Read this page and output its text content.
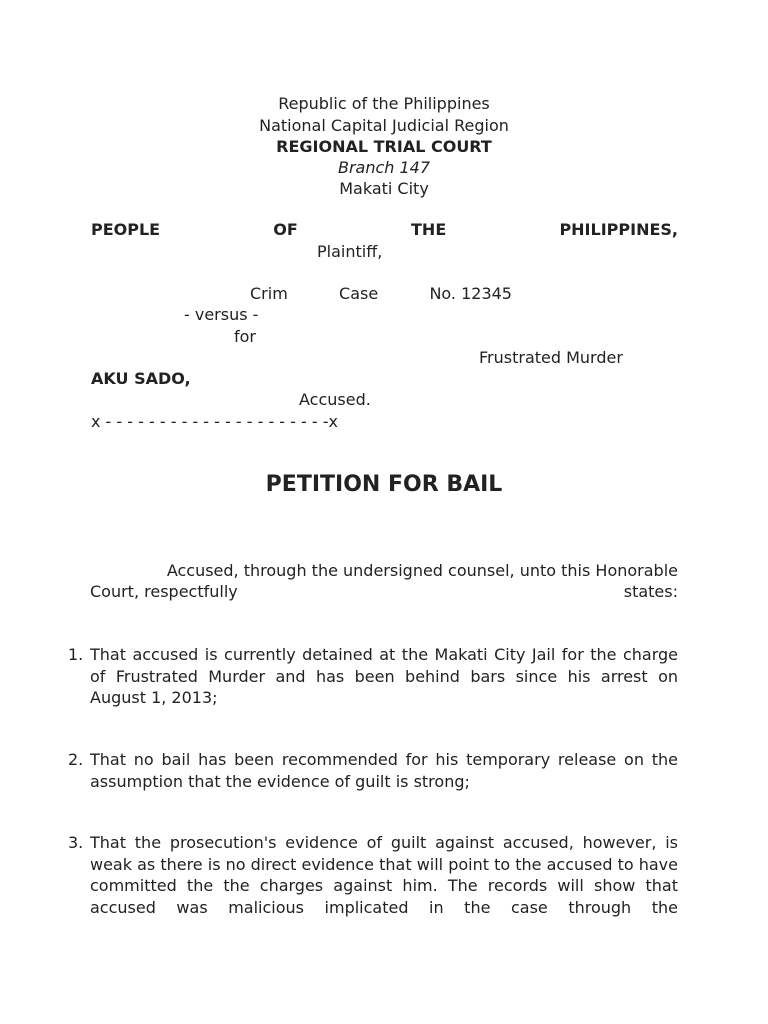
Republic of the Philippines
National Capital Judicial Region
REGIONAL TRIAL COURT
Branch 147
Makati City
PEOPLE	OF	THE	PHILIPPINES,
Plaintiff,
Crim	Case	No. 12345
- versus -
for
Frustrated Murder
AKU SADO,
Accused.
x - - - - - - - - - - - - - - - - - - - - -x
PETITION FOR BAIL
Accused, through the undersigned counsel, unto this Honorable
Court, respectfully	states:
1. That accused is currently detained at the Makati City Jail for the charge of Frustrated Murder and has been behind bars since his arrest on August 1, 2013;
2. That no bail has been recommended for his temporary release on the assumption that the evidence of guilt is strong;
3. That the prosecution's evidence of guilt against accused, however, is weak as there is no direct evidence that will point to the accused to have committed the the charges against him. The records will show that accused was malicious implicated in the case through the
